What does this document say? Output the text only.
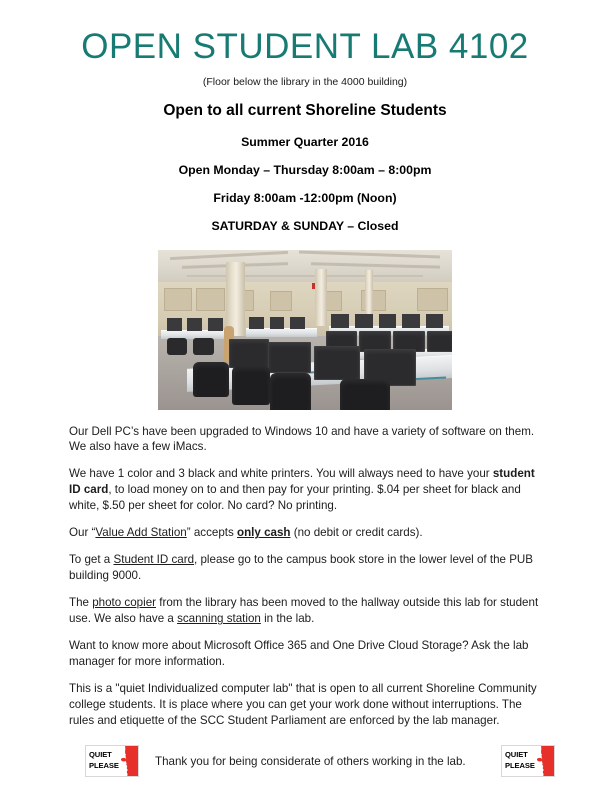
OPEN STUDENT LAB 4102

(Floor below the library in the 4000 building)

Open to all current Shoreline Students

Summer Quarter 2016

Open Monday – Thursday 8:00am – 8:00pm

Friday 8:00am -12:00pm (Noon)

SATURDAY & SUNDAY – Closed

Our Dell PC’s have been upgraded to Windows 10 and have a variety of software on them. We also have a few iMacs.

We have 1 color and 3 black and white printers. You will always need to have your student ID card, to load money on to and then pay for your printing. $.04 per sheet for black and white, $.50 per sheet for color. No card? No printing.

Our “Value Add Station” accepts only cash (no debit or credit cards).

To get a Student ID card, please go to the campus book store in the lower level of the PUB building 9000.

The photo copier from the library has been moved to the hallway outside this lab for student use. We also have a scanning station in the lab.

Want to know more about Microsoft Office 365 and One Drive Cloud Storage? Ask the lab manager for more information.

This is a "quiet Individualized computer lab" that is open to all current Shoreline Community college students. It is place where you can get your work done without interruptions. The rules and etiquette of the SCC Student Parliament are enforced by the lab manager.

QUIET
PLEASE	Thank you for being considerate of others working in the lab.	QUIET
PLEASE
